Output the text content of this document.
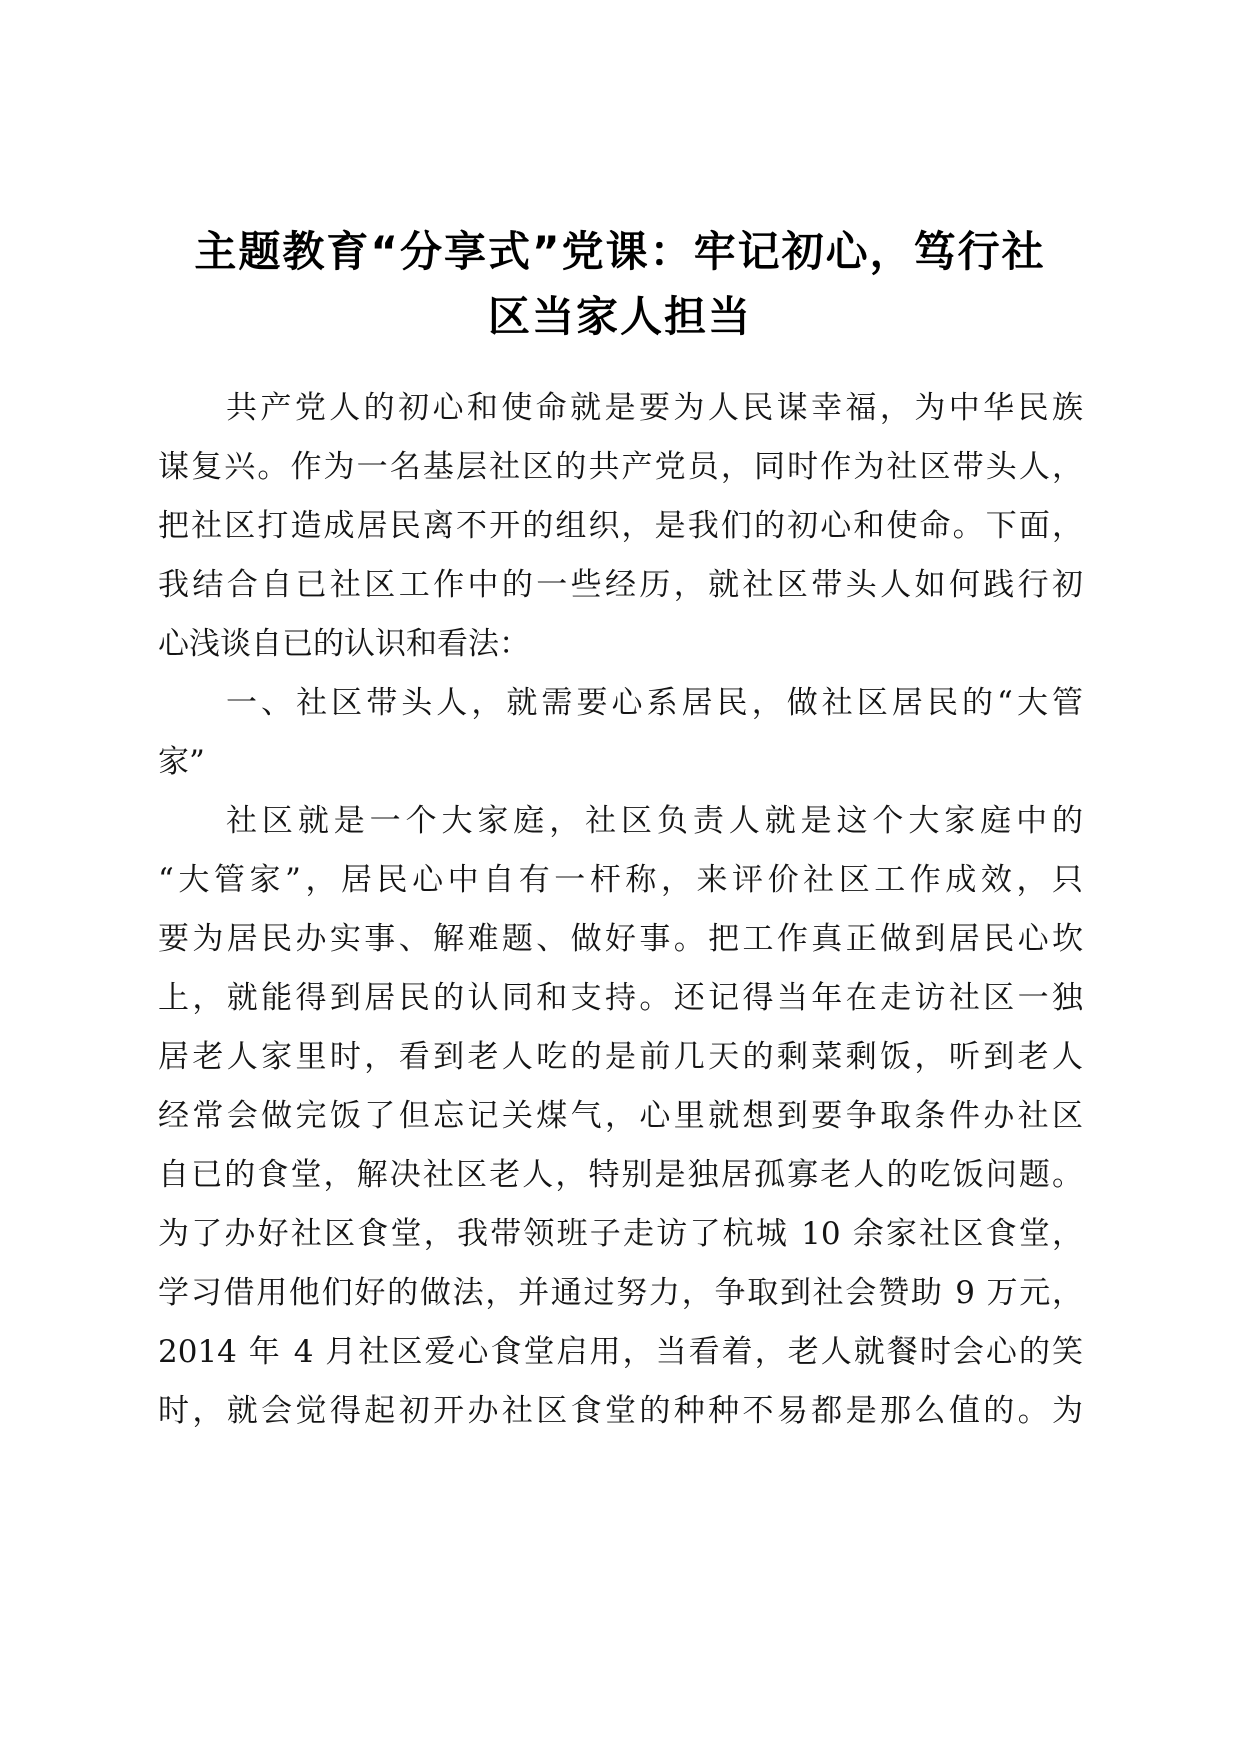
主题教育“分享式”党课：牢记初心，笃行社
区当家人担当
共产党人的初心和使命就是要为人民谋幸福，为中华民族
谋复兴。作为一名基层社区的共产党员，同时作为社区带头人，
把社区打造成居民离不开的组织，是我们的初心和使命。下面，
我结合自已社区工作中的一些经历，就社区带头人如何践行初
心浅谈自已的认识和看法：
一、社区带头人，就需要心系居民，做社区居民的“大管
家”
社区就是一个大家庭，社区负责人就是这个大家庭中的
“大管家”，居民心中自有一杆称，来评价社区工作成效，只
要为居民办实事、解难题、做好事。把工作真正做到居民心坎
上，就能得到居民的认同和支持。还记得当年在走访社区一独
居老人家里时，看到老人吃的是前几天的剩菜剩饭，听到老人
经常会做完饭了但忘记关煤气，心里就想到要争取条件办社区
自已的食堂，解决社区老人，特别是独居孤寡老人的吃饭问题。
为了办好社区食堂，我带领班子走访了杭城 10 余家社区食堂，
学习借用他们好的做法，并通过努力，争取到社会赞助 9 万元，
2014 年 4 月社区爱心食堂启用，当看着，老人就餐时会心的笑
时，就会觉得起初开办社区食堂的种种不易都是那么值的。为
